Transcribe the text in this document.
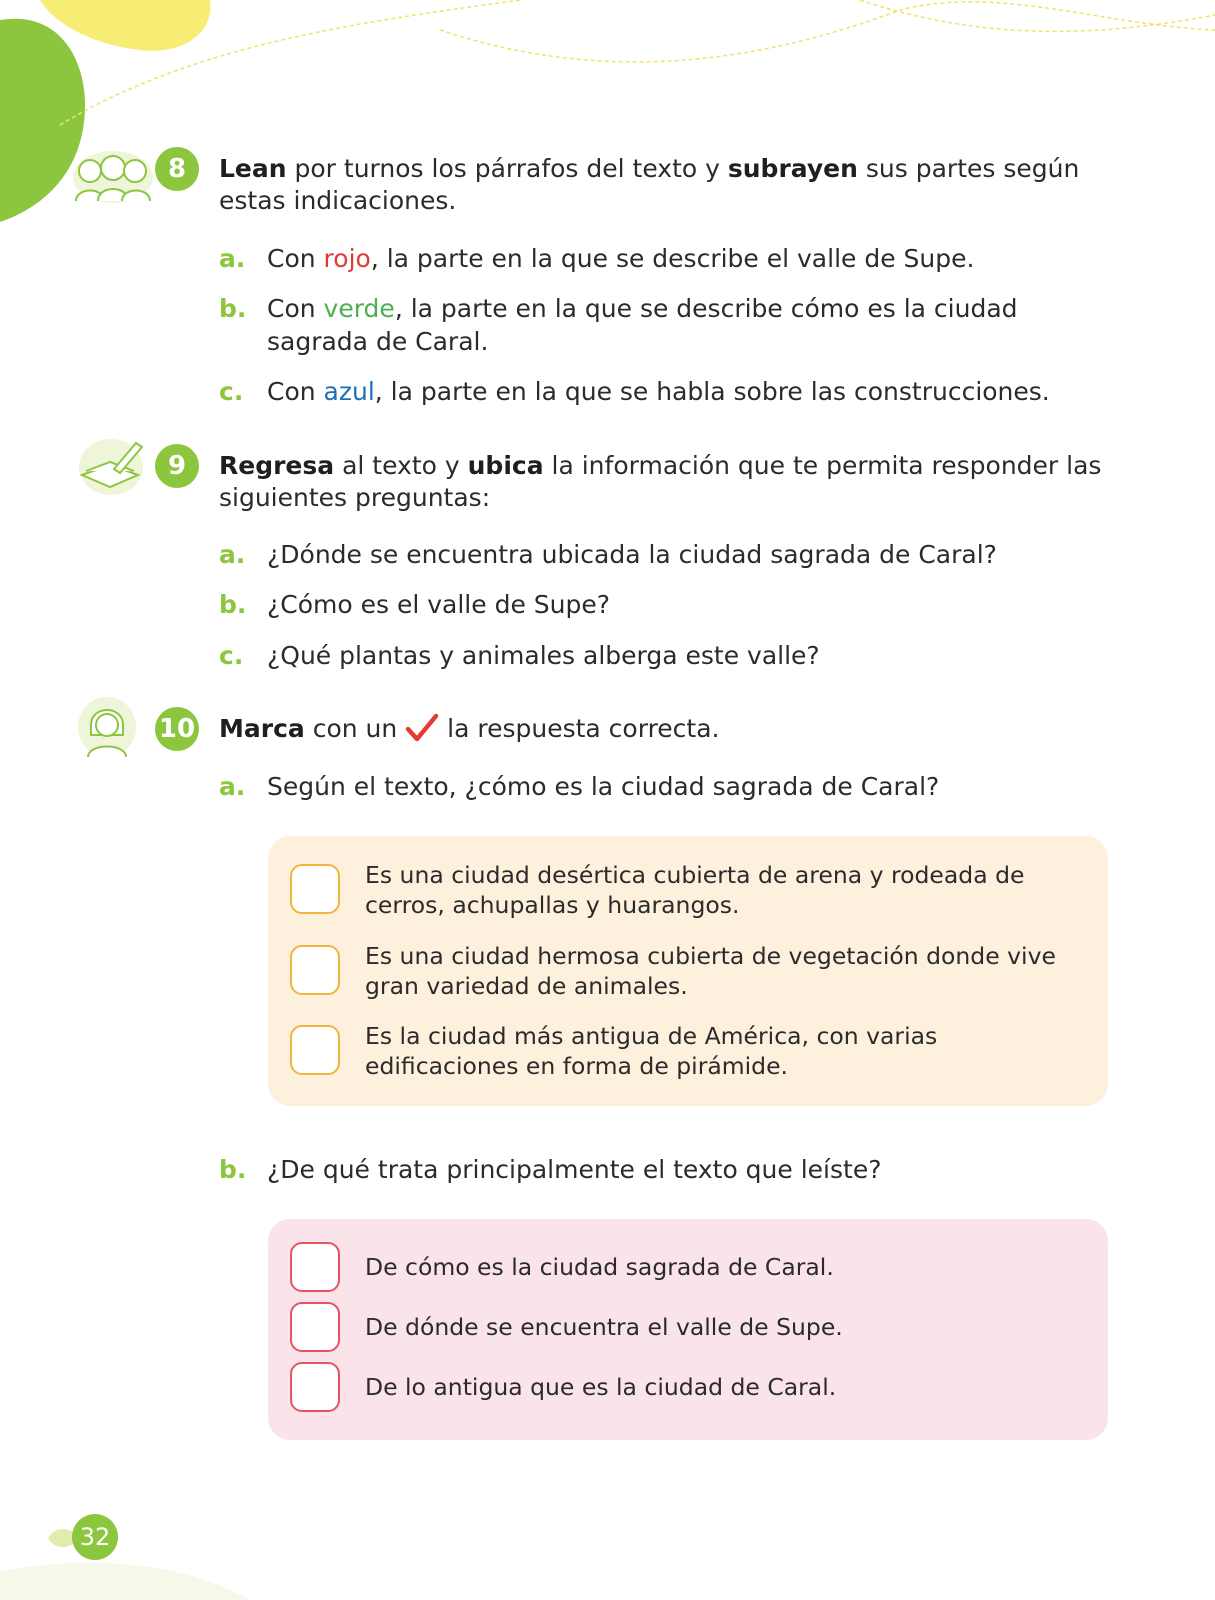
8	Lean por turnos los párrafos del texto y subrayen sus partes según estas indicaciones.
a. Con rojo, la parte en la que se describe el valle de Supe.
b. Con verde, la parte en la que se describe cómo es la ciudad sagrada de Caral.
c. Con azul, la parte en la que se habla sobre las construcciones.
9	Regresa al texto y ubica la información que te permita responder las siguientes preguntas:
a. ¿Dónde se encuentra ubicada la ciudad sagrada de Caral?
b. ¿Cómo es el valle de Supe?
c. ¿Qué plantas y animales alberga este valle?
10 Marca con un  la respuesta correcta.
a. Según el texto, ¿cómo es la ciudad sagrada de Caral?
Es una ciudad desértica cubierta de arena y rodeada de cerros, achupallas y huarangos.
Es una ciudad hermosa cubierta de vegetación donde vive gran variedad de animales.
Es la ciudad más antigua de América, con varias edificaciones en forma de pirámide.
b. ¿De qué trata principalmente el texto que leíste?
De cómo es la ciudad sagrada de Caral.
De dónde se encuentra el valle de Supe.
De lo antigua que es la ciudad de Caral.
32
